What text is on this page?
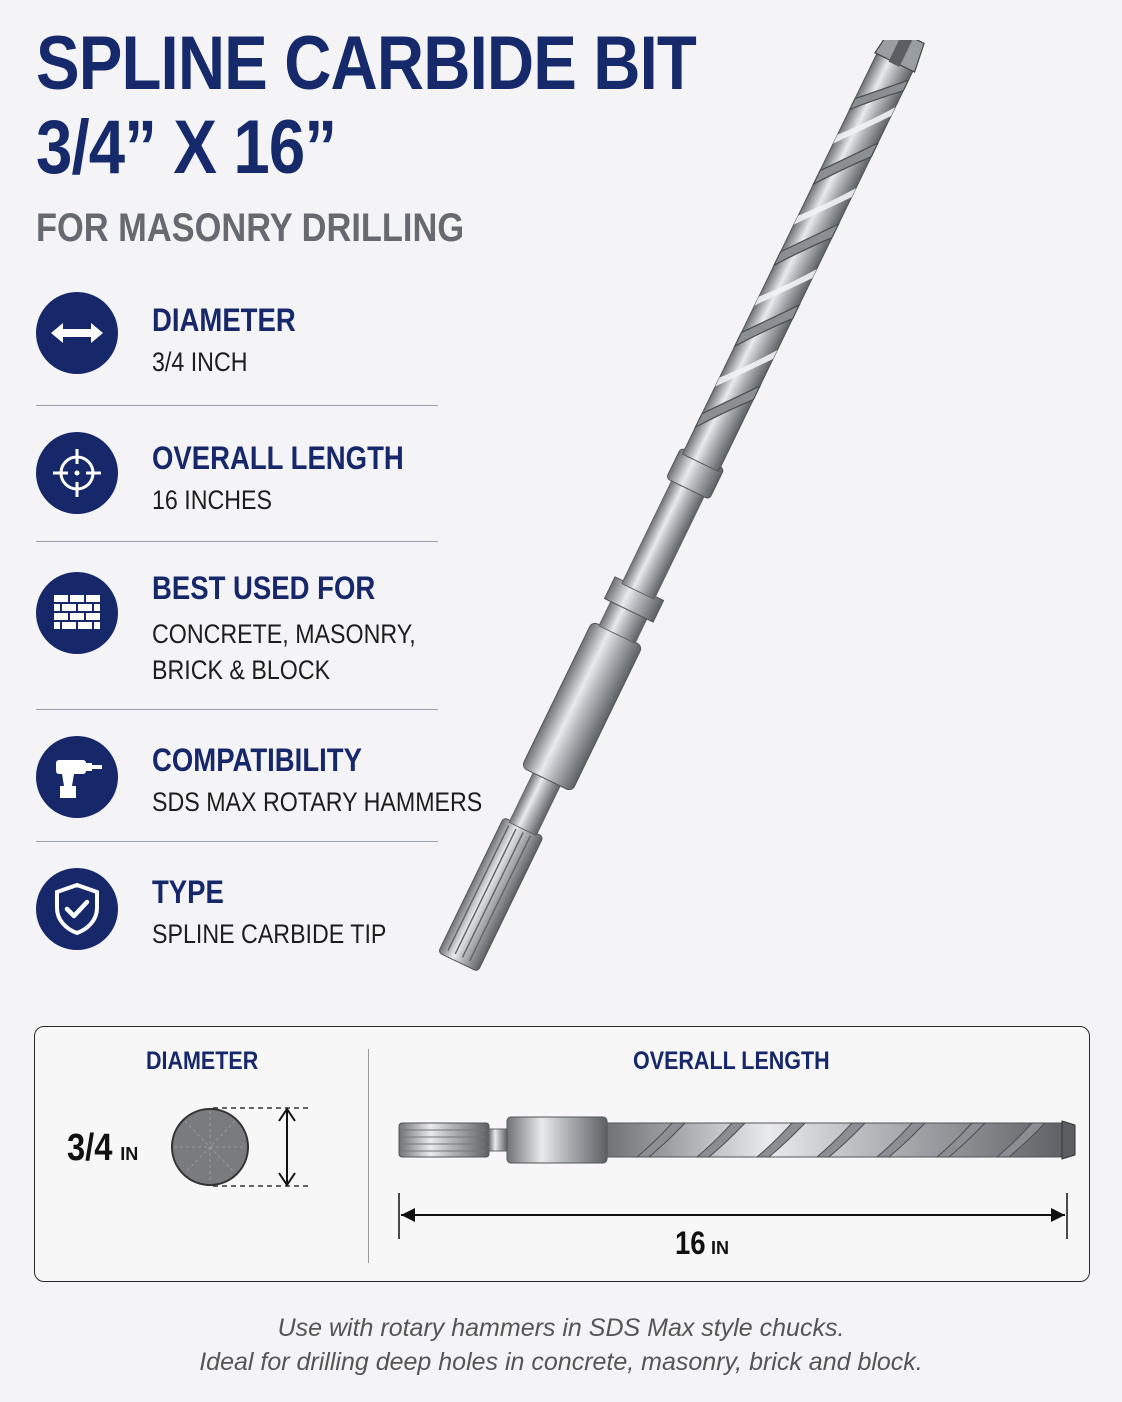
SPLINE CARBIDE BIT
3/4” X 16”
FOR MASONRY DRILLING
DIAMETER
3/4 INCH
OVERALL LENGTH
16 INCHES
BEST USED FOR
CONCRETE, MASONRY,
BRICK & BLOCK
COMPATIBILITY
SDS MAX ROTARY HAMMERS
TYPE
SPLINE CARBIDE TIP
DIAMETER	OVERALL LENGTH
3/4 IN
16 IN
Use with rotary hammers in SDS Max style chucks.
Ideal for drilling deep holes in concrete, masonry, brick and block.
